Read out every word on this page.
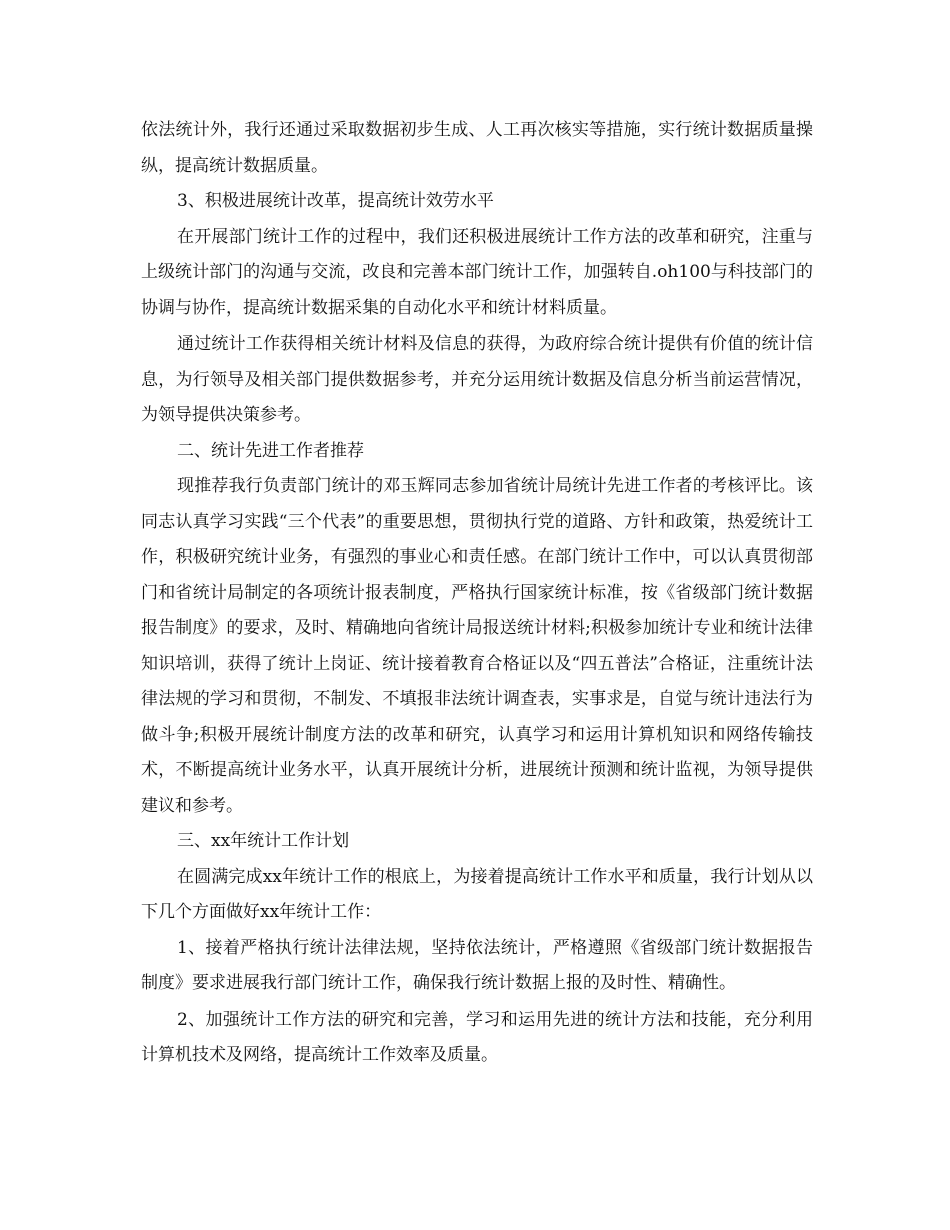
依法统计外，我行还通过采取数据初步生成、人工再次核实等措施，实行统计数据质量操纵，提高统计数据质量。

3、积极进展统计改革，提高统计效劳水平

在开展部门统计工作的过程中，我们还积极进展统计工作方法的改革和研究，注重与上级统计部门的沟通与交流，改良和完善本部门统计工作，加强转自.oh100与科技部门的协调与协作，提高统计数据采集的自动化水平和统计材料质量。

通过统计工作获得相关统计材料及信息的获得，为政府综合统计提供有价值的统计信息，为行领导及相关部门提供数据参考，并充分运用统计数据及信息分析当前运营情况，为领导提供决策参考。

二、统计先进工作者推荐

现推荐我行负责部门统计的邓玉辉同志参加省统计局统计先进工作者的考核评比。该同志认真学习实践“三个代表”的重要思想，贯彻执行党的道路、方针和政策，热爱统计工作，积极研究统计业务，有强烈的事业心和责任感。在部门统计工作中，可以认真贯彻部门和省统计局制定的各项统计报表制度，严格执行国家统计标准，按《省级部门统计数据报告制度》的要求，及时、精确地向省统计局报送统计材料;积极参加统计专业和统计法律知识培训，获得了统计上岗证、统计接着教育合格证以及“四五普法”合格证，注重统计法律法规的学习和贯彻，不制发、不填报非法统计调查表，实事求是，自觉与统计违法行为做斗争;积极开展统计制度方法的改革和研究，认真学习和运用计算机知识和网络传输技术，不断提高统计业务水平，认真开展统计分析，进展统计预测和统计监视，为领导提供建议和参考。

三、xx年统计工作计划

在圆满完成xx年统计工作的根底上，为接着提高统计工作水平和质量，我行计划从以下几个方面做好xx年统计工作：

1、接着严格执行统计法律法规，坚持依法统计，严格遵照《省级部门统计数据报告制度》要求进展我行部门统计工作，确保我行统计数据上报的及时性、精确性。

2、加强统计工作方法的研究和完善，学习和运用先进的统计方法和技能，充分利用计算机技术及网络，提高统计工作效率及质量。
